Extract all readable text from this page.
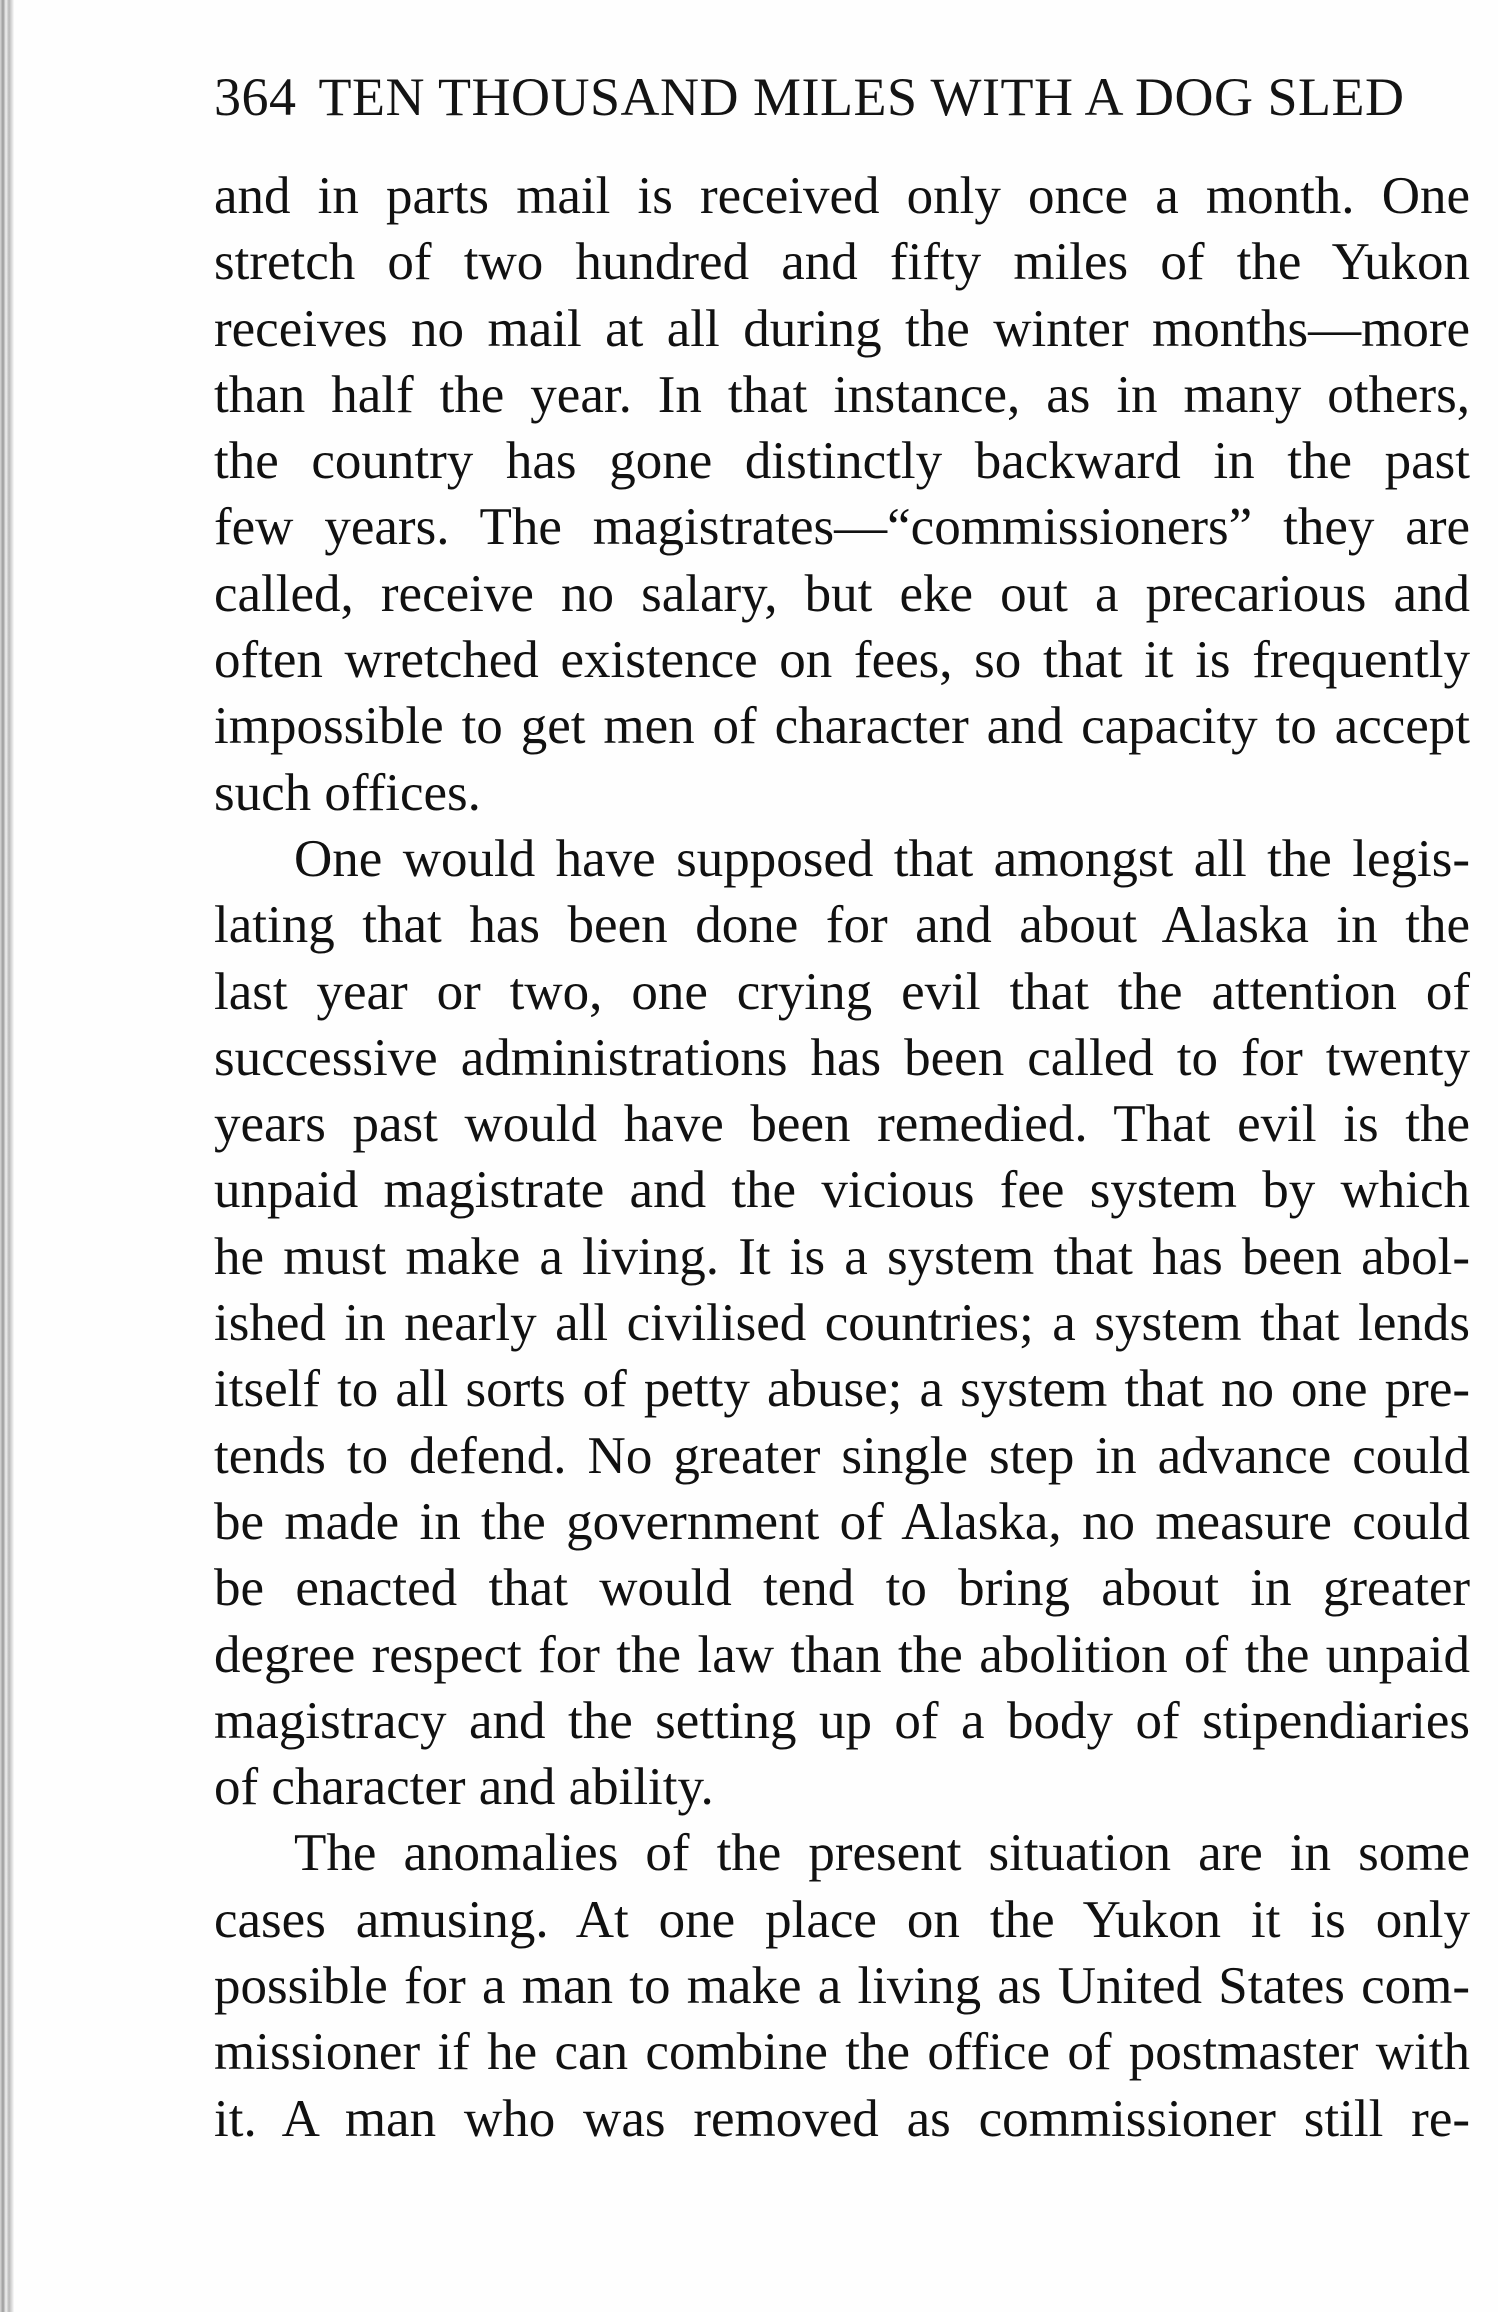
364 TEN THOUSAND MILES WITH A DOG SLED
and in parts mail is received only once a month. One
stretch of two hundred and fifty miles of the Yukon
receives no mail at all during the winter months—more
than half the year. In that instance, as in many others,
the country has gone distinctly backward in the past
few years. The magistrates—“commissioners” they are
called, receive no salary, but eke out a precarious and
often wretched existence on fees, so that it is frequently
impossible to get men of character and capacity to accept
such offices.
One would have supposed that amongst all the legis-
lating that has been done for and about Alaska in the
last year or two, one crying evil that the attention of
successive administrations has been called to for twenty
years past would have been remedied. That evil is the
unpaid magistrate and the vicious fee system by which
he must make a living. It is a system that has been abol-
ished in nearly all civilised countries; a system that lends
itself to all sorts of petty abuse; a system that no one pre-
tends to defend. No greater single step in advance could
be made in the government of Alaska, no measure could
be enacted that would tend to bring about in greater
degree respect for the law than the abolition of the unpaid
magistracy and the setting up of a body of stipendiaries
of character and ability.
The anomalies of the present situation are in some
cases amusing. At one place on the Yukon it is only
possible for a man to make a living as United States com-
missioner if he can combine the office of postmaster with
it. A man who was removed as commissioner still re-
